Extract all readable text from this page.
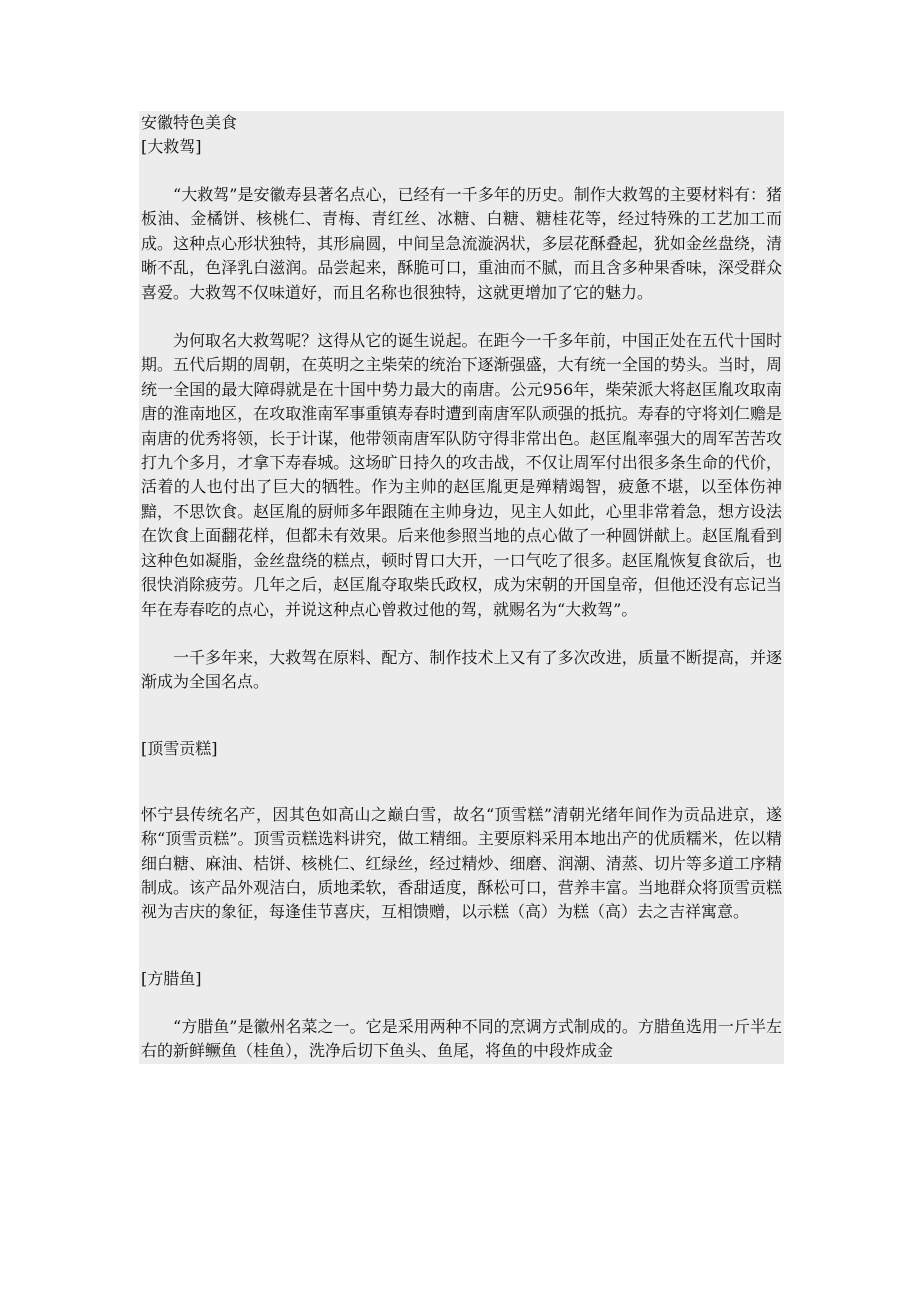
安徽特色美食

[大救驾]

“大救驾”是安徽寿县著名点心，已经有一千多年的历史。制作大救驾的主要材料有：猪板油、金橘饼、核桃仁、青梅、青红丝、冰糖、白糖、糖桂花等，经过特殊的工艺加工而成。这种点心形状独特，其形扁圆，中间呈急流漩涡状，多层花酥叠起，犹如金丝盘绕，清晰不乱，色泽乳白滋润。品尝起来，酥脆可口，重油而不腻，而且含多种果香味，深受群众喜爱。大救驾不仅味道好，而且名称也很独特，这就更增加了它的魅力。

为何取名大救驾呢？这得从它的诞生说起。在距今一千多年前，中国正处在五代十国时期。五代后期的周朝，在英明之主柴荣的统治下逐渐强盛，大有统一全国的势头。当时，周统一全国的最大障碍就是在十国中势力最大的南唐。公元956年，柴荣派大将赵匡胤攻取南唐的淮南地区，在攻取淮南军事重镇寿春时遭到南唐军队顽强的抵抗。寿春的守将刘仁赡是南唐的优秀将领，长于计谋，他带领南唐军队防守得非常出色。赵匡胤率强大的周军苦苦攻打九个多月，才拿下寿春城。这场旷日持久的攻击战，不仅让周军付出很多条生命的代价，活着的人也付出了巨大的牺牲。作为主帅的赵匡胤更是殚精竭智，疲惫不堪，以至体伤神黯，不思饮食。赵匡胤的厨师多年跟随在主帅身边，见主人如此，心里非常着急，想方设法在饮食上面翻花样，但都未有效果。后来他参照当地的点心做了一种圆饼献上。赵匡胤看到这种色如凝脂，金丝盘绕的糕点，顿时胃口大开，一口气吃了很多。赵匡胤恢复食欲后，也很快消除疲劳。几年之后，赵匡胤夺取柴氏政权，成为宋朝的开国皇帝，但他还没有忘记当年在寿春吃的点心，并说这种点心曾救过他的驾，就赐名为“大救驾”。

一千多年来，大救驾在原料、配方、制作技术上又有了多次改进，质量不断提高，并逐渐成为全国名点。

[顶雪贡糕]

怀宁县传统名产，因其色如高山之巅白雪，故名“顶雪糕”清朝光绪年间作为贡品进京，遂称“顶雪贡糕”。顶雪贡糕选料讲究，做工精细。主要原料采用本地出产的优质糯米，佐以精细白糖、麻油、桔饼、核桃仁、红绿丝，经过精炒、细磨、润潮、清蒸、切片等多道工序精制成。该产品外观洁白，质地柔软，香甜适度，酥松可口，营养丰富。当地群众将顶雪贡糕视为吉庆的象征，每逢佳节喜庆，互相馈赠，以示糕（高）为糕（高）去之吉祥寓意。

[方腊鱼]

“方腊鱼”是徽州名菜之一。它是采用两种不同的烹调方式制成的。方腊鱼选用一斤半左右的新鲜鳜鱼（桂鱼），洗净后切下鱼头、鱼尾，将鱼的中段炸成金
